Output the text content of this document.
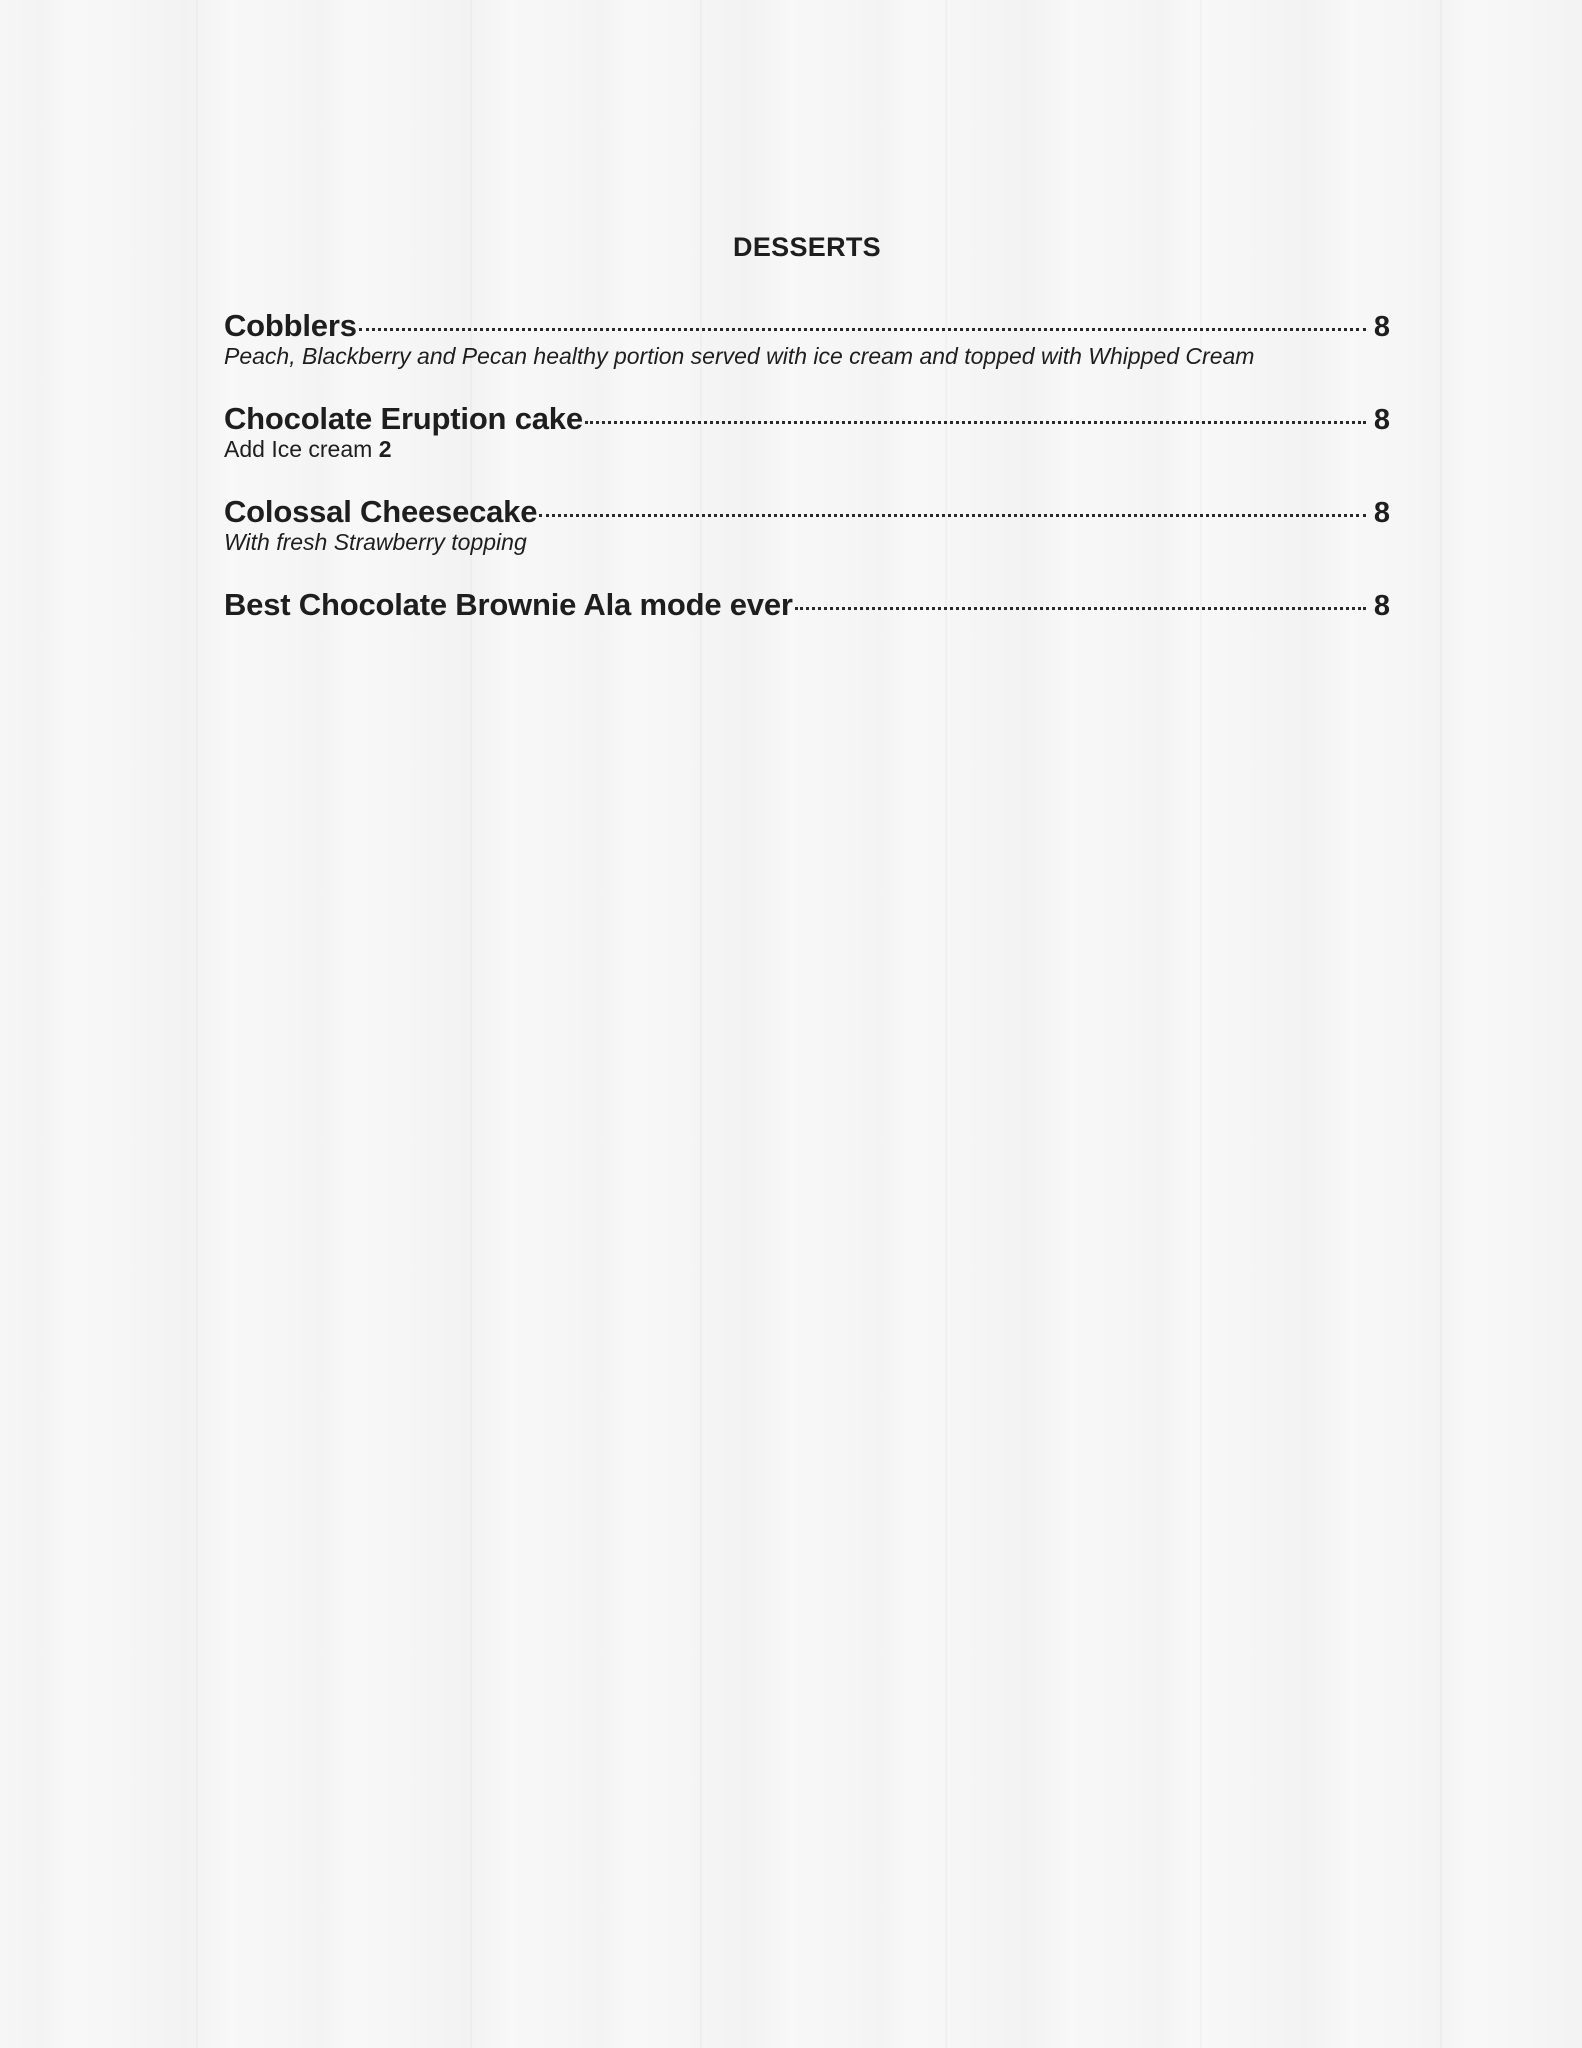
DESSERTS
Cobblers	8
Peach, Blackberry and Pecan healthy portion served with ice cream and topped with Whipped Cream
Chocolate Eruption cake	8
Add Ice cream 2
Colossal Cheesecake	8
With fresh Strawberry topping
Best Chocolate Brownie Ala mode ever	8
